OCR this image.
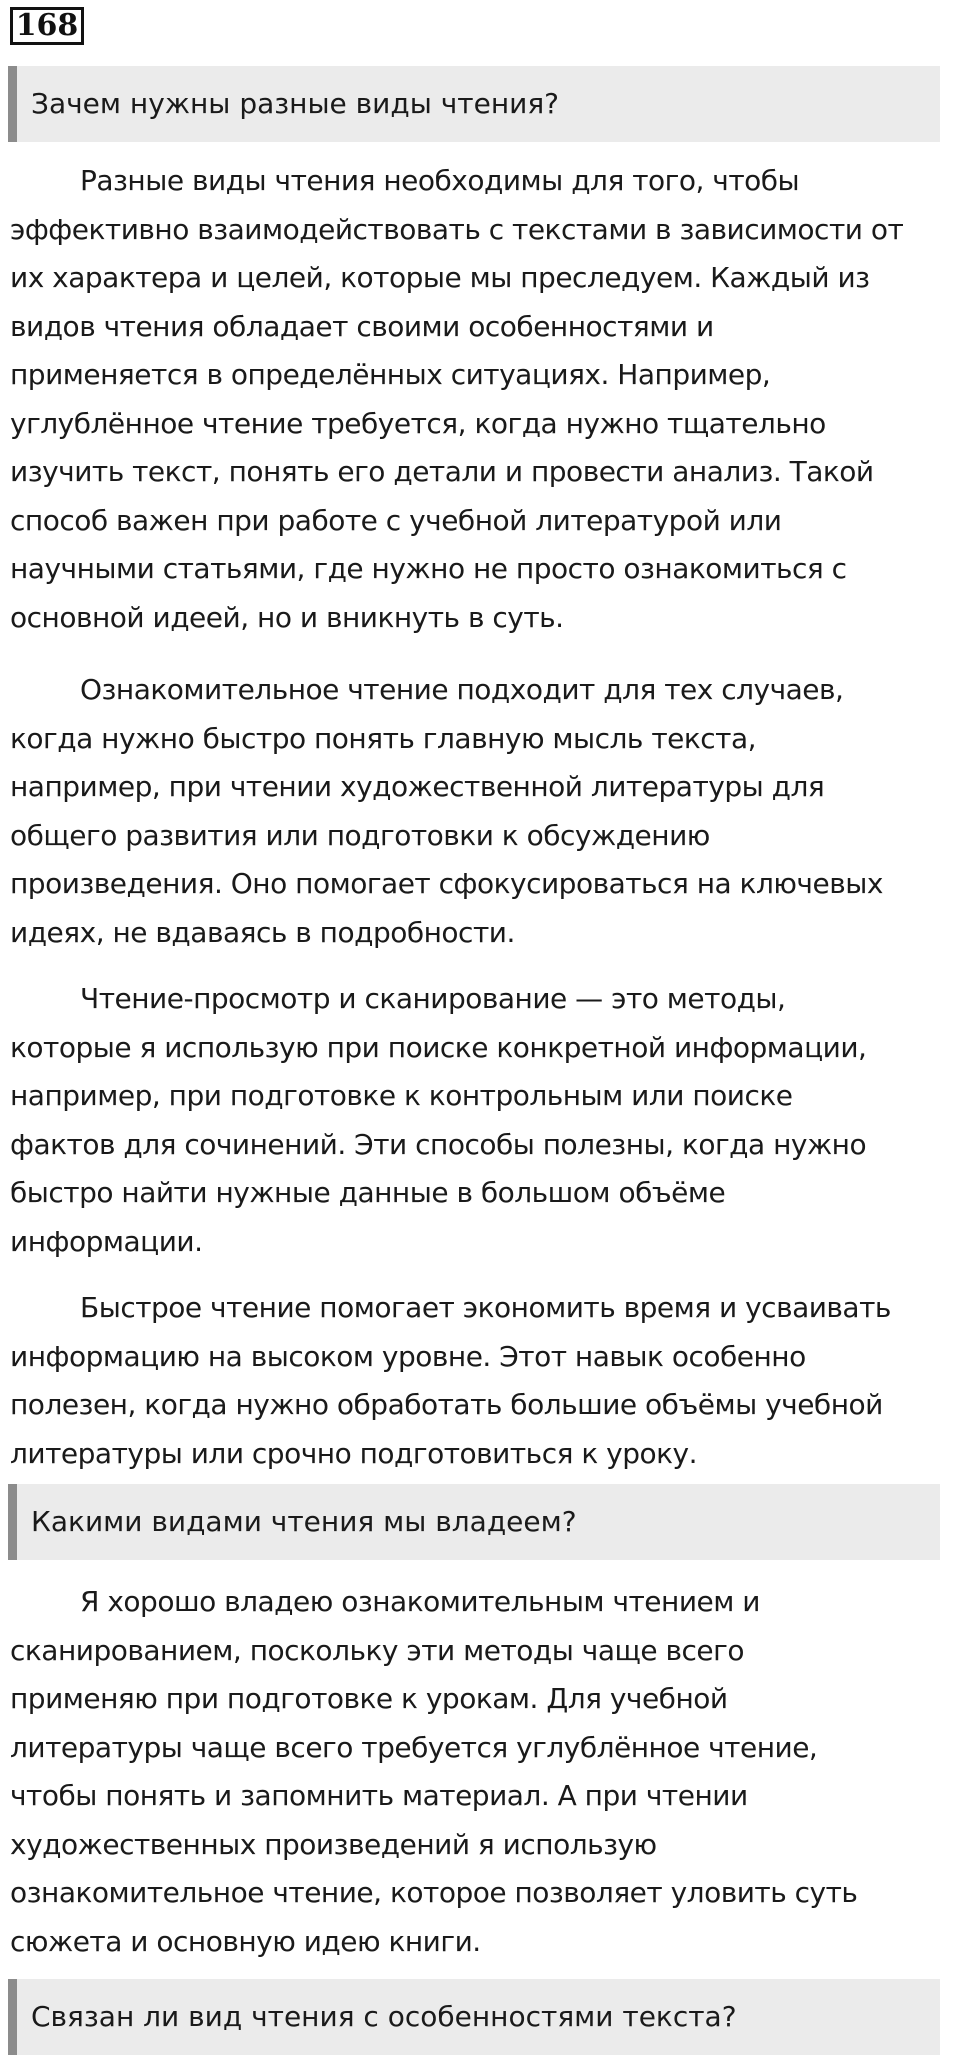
168
Зачем нужны разные виды чтения?
Разные виды чтения необходимы для того, чтобы
эффективно взаимодействовать с текстами в зависимости от
их характера и целей, которые мы преследуем. Каждый из
видов чтения обладает своими особенностями и
применяется в определённых ситуациях. Например,
углублённое чтение требуется, когда нужно тщательно
изучить текст, понять его детали и провести анализ. Такой
способ важен при работе с учебной литературой или
научными статьями, где нужно не просто ознакомиться с
основной идеей, но и вникнуть в суть.
Ознакомительное чтение подходит для тех случаев,
когда нужно быстро понять главную мысль текста,
например, при чтении художественной литературы для
общего развития или подготовки к обсуждению
произведения. Оно помогает сфокусироваться на ключевых
идеях, не вдаваясь в подробности.
Чтение-просмотр и сканирование — это методы,
которые я использую при поиске конкретной информации,
например, при подготовке к контрольным или поиске
фактов для сочинений. Эти способы полезны, когда нужно
быстро найти нужные данные в большом объёме
информации.
Быстрое чтение помогает экономить время и усваивать
информацию на высоком уровне. Этот навык особенно
полезен, когда нужно обработать большие объёмы учебной
литературы или срочно подготовиться к уроку.
Какими видами чтения мы владеем?
Я хорошо владею ознакомительным чтением и
сканированием, поскольку эти методы чаще всего
применяю при подготовке к урокам. Для учебной
литературы чаще всего требуется углублённое чтение,
чтобы понять и запомнить материал. А при чтении
художественных произведений я использую
ознакомительное чтение, которое позволяет уловить суть
сюжета и основную идею книги.
Связан ли вид чтения с особенностями текста?
